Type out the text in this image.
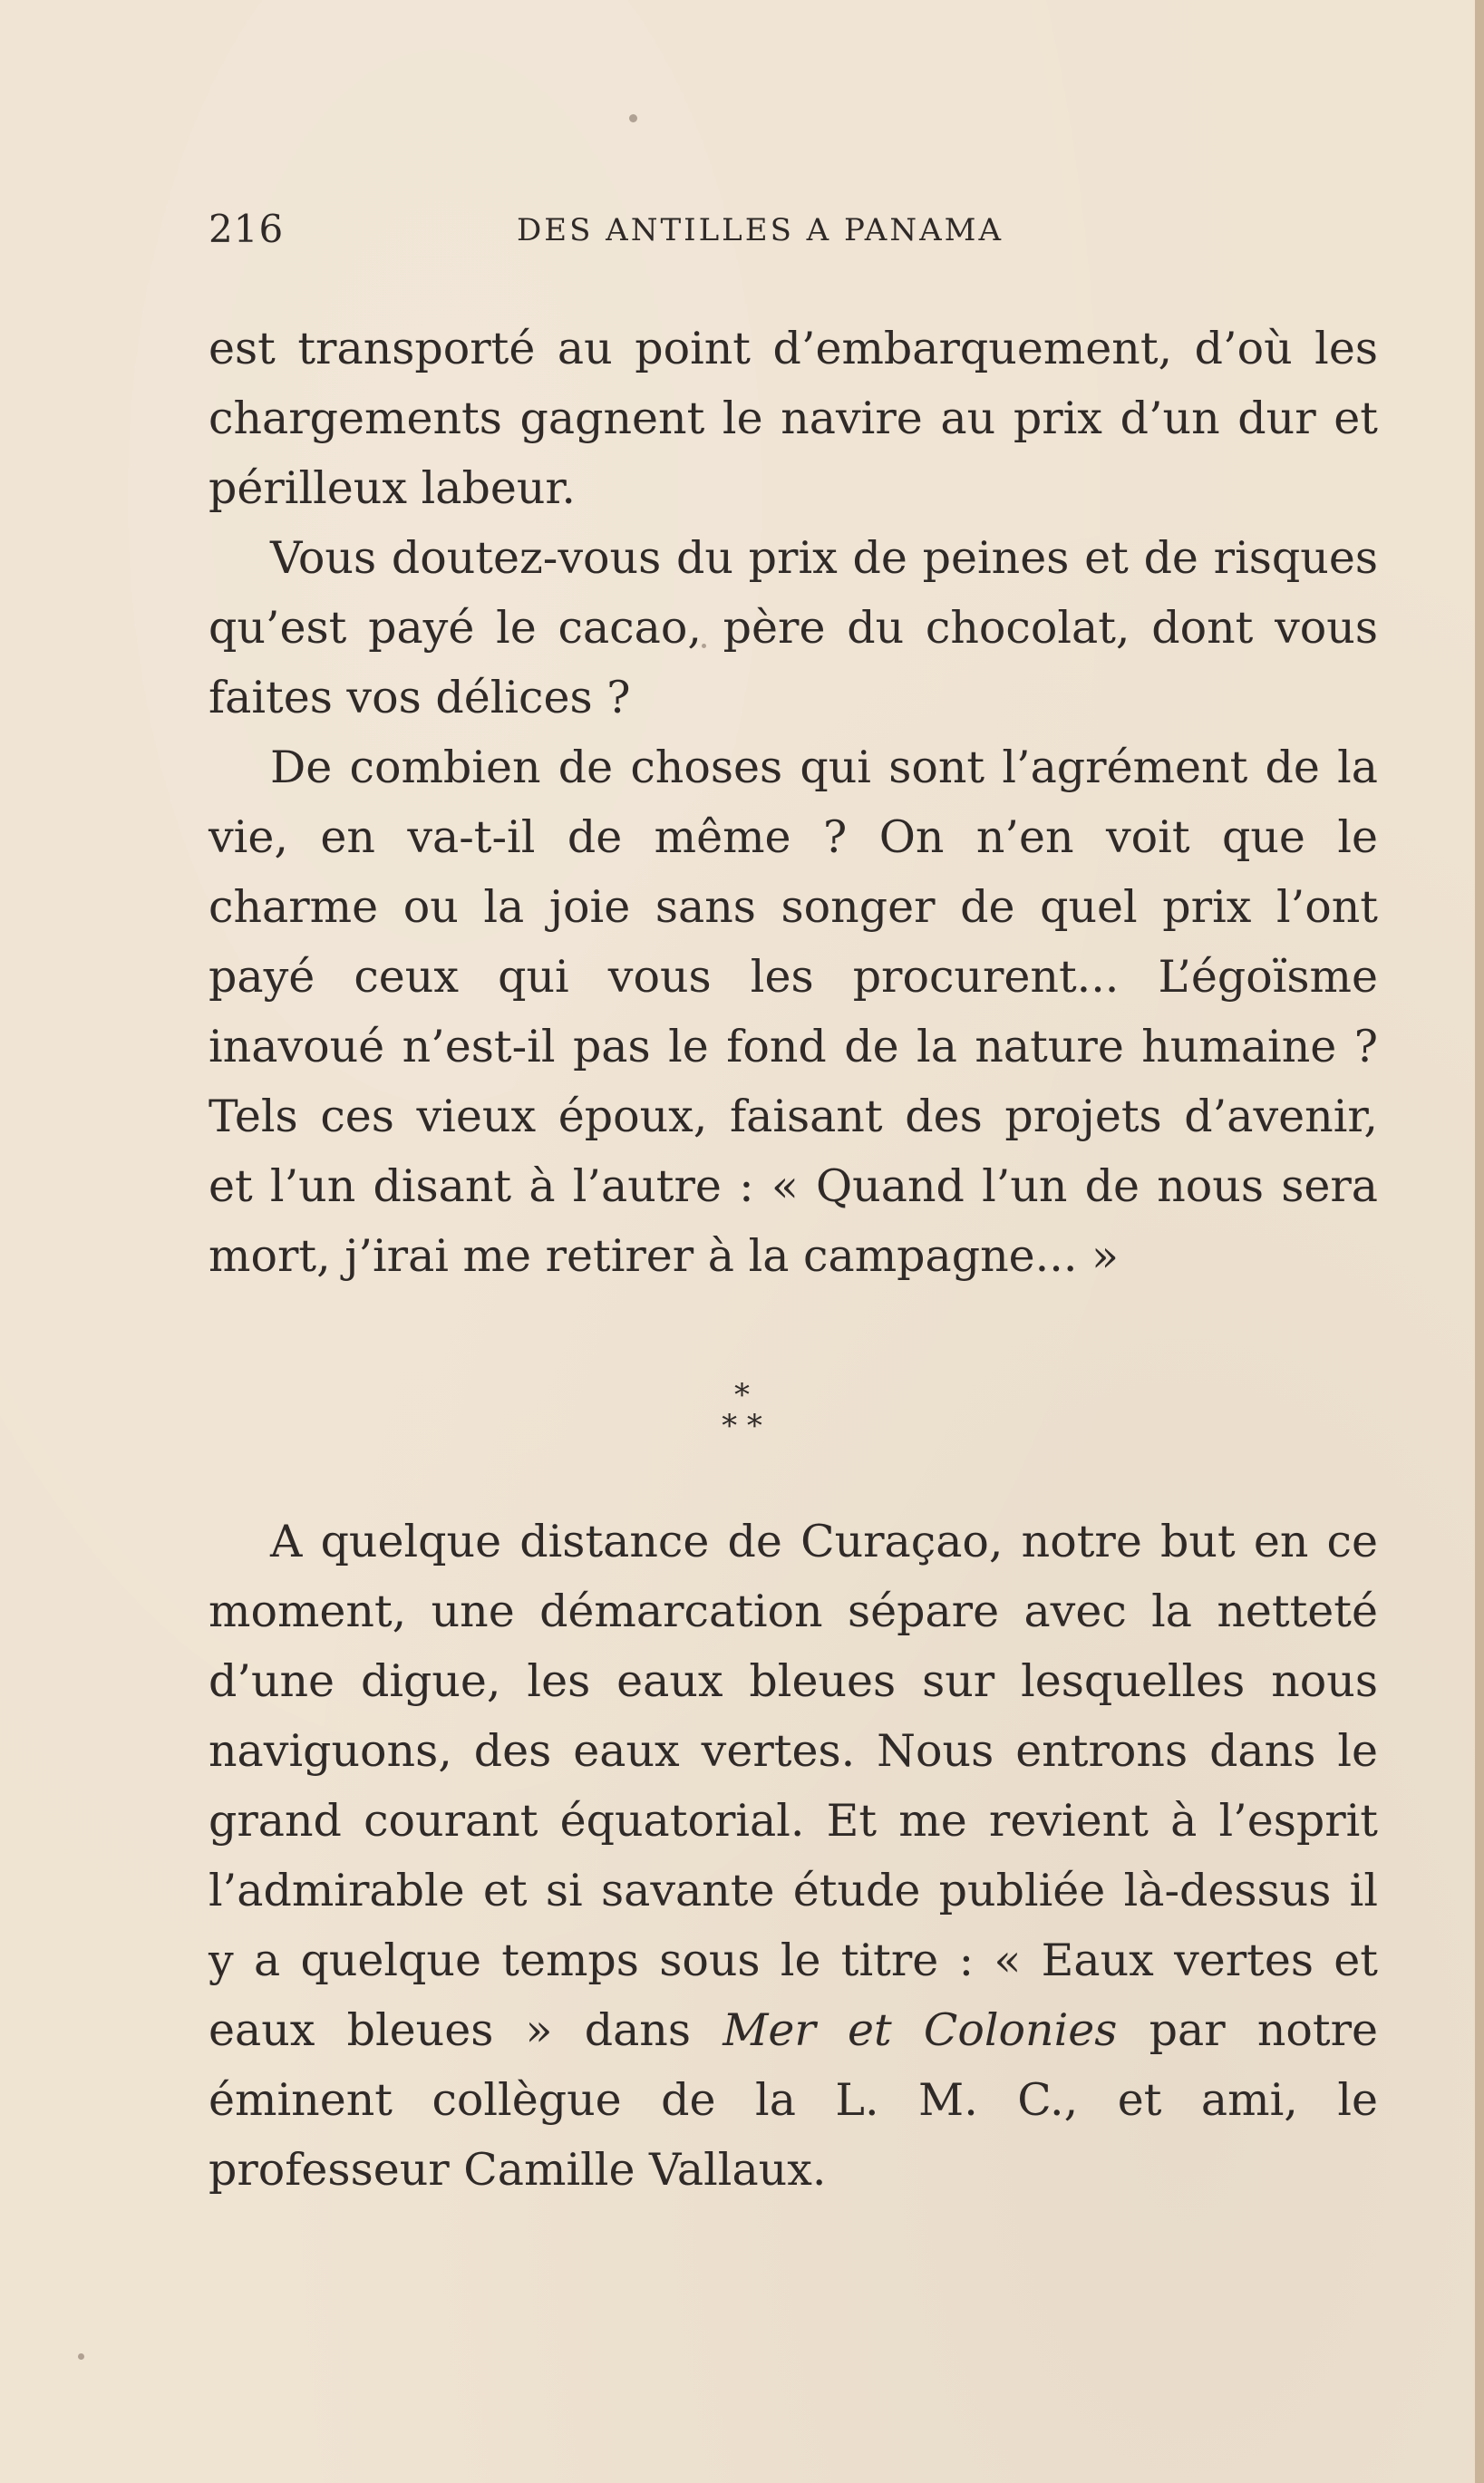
216	DES ANTILLES A PANAMA

est transporté au point d’embarquement, d’où les chargements gagnent le navire au prix d’un dur et périlleux labeur.

Vous doutez-vous du prix de peines et de risques qu’est payé le cacao, père du chocolat, dont vous faites vos délices ?

De combien de choses qui sont l’agrément de la vie, en va-t-il de même ? On n’en voit que le charme ou la joie sans songer de quel prix l’ont payé ceux qui vous les procurent... L’égoïsme inavoué n’est-il pas le fond de la nature humaine ? Tels ces vieux époux, faisant des projets d’avenir, et l’un disant à l’autre : « Quand l’un de nous sera mort, j’irai me retirer à la campagne... »

*
* *

A quelque distance de Curaçao, notre but en ce moment, une démarcation sépare avec la netteté d’une digue, les eaux bleues sur lesquelles nous naviguons, des eaux vertes. Nous entrons dans le grand courant équatorial. Et me revient à l’esprit l’admirable et si savante étude publiée là-dessus il y a quelque temps sous le titre : « Eaux vertes et eaux bleues » dans Mer et Colonies par notre éminent collègue de la L. M. C., et ami, le professeur Camille Vallaux.
